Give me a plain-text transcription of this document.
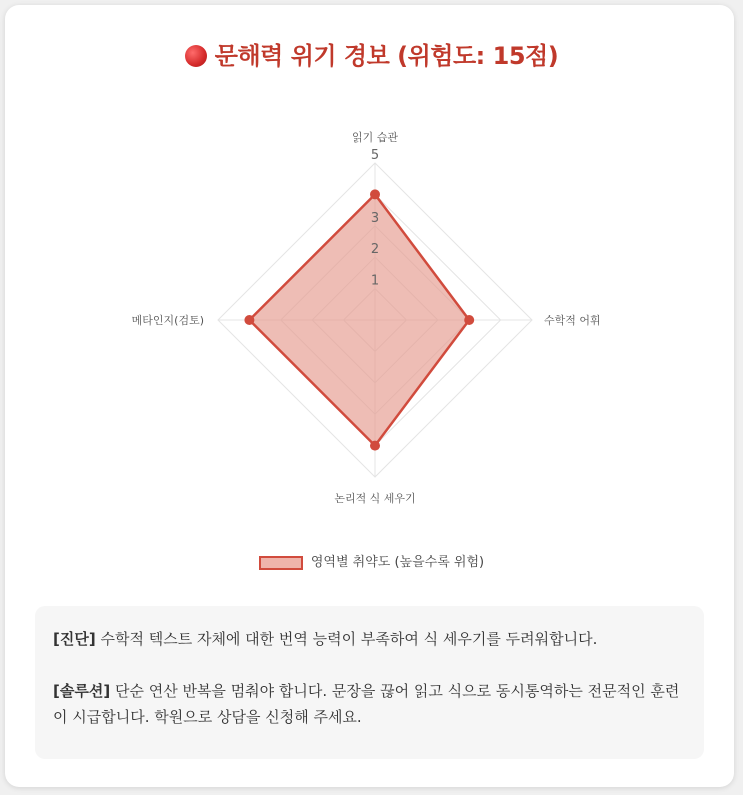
문해력 위기 경보 (위험도: 15점)
1
2
3
5
읽기 습관
수학적 어휘
논리적 식 세우기
메타인지(검토)
영역별 취약도 (높을수록 위험)

[진단] 수학적 텍스트 자체에 대한 번역 능력이 부족하여 식 세우기를 두려워합니다.

[솔루션] 단순 연산 반복을 멈춰야 합니다. 문장을 끊어 읽고 식으로 동시통역하는 전문적인 훈련이 시급합니다. 학원으로 상담을 신청해 주세요.
